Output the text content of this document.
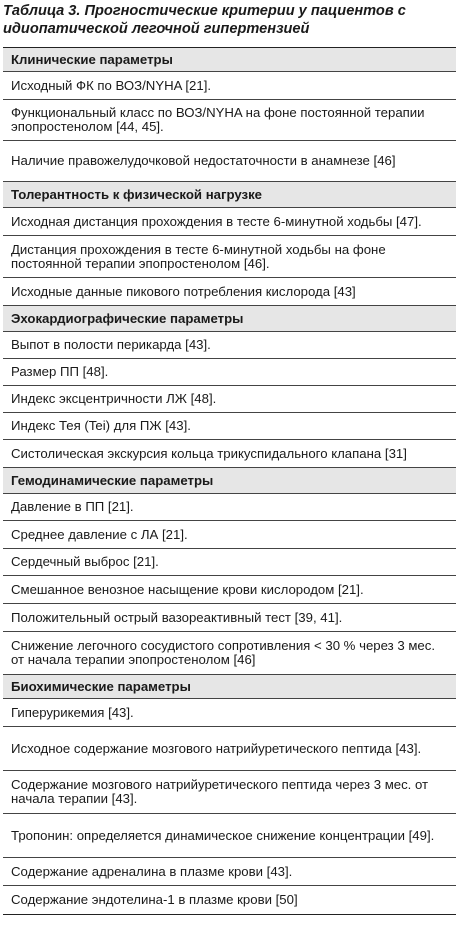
Таблица 3. Прогностические критерии у пациентов с идиопатической легочной гипертензией
Клинические параметры
Исходный ФК по ВОЗ/NYHA [21].
Функциональный класс по ВОЗ/NYHA на фоне постоянной терапии эпопростенолом [44, 45].
Наличие правожелудочковой недостаточности в анамнезе [46]
Толерантность к физической нагрузке
Исходная дистанция прохождения в тесте 6-минутной ходьбы [47].
Дистанция прохождения в тесте 6-минутной ходьбы на фоне постоянной терапии эпопростенолом [46].
Исходные данные пикового потребления кислорода [43]
Эхокардиографические параметры
Выпот в полости перикарда [43].
Размер ПП [48].
Индекс эксцентричности ЛЖ [48].
Индекс Тея (Tei) для ПЖ [43].
Систолическая экскурсия кольца трикуспидального клапана [31]
Гемодинамические параметры
Давление в ПП [21].
Среднее давление с ЛА [21].
Сердечный выброс [21].
Смешанное венозное насыщение крови кислородом [21].
Положительный острый вазореактивный тест [39, 41].
Снижение легочного сосудистого сопротивления < 30 % через 3 мес. от начала терапии эпопростенолом [46]
Биохимические параметры
Гиперурикемия [43].
Исходное содержание мозгового натрийуретического пептида [43].
Содержание мозгового натрийуретического пептида через 3 мес. от начала терапии [43].
Тропонин: определяется динамическое снижение концентрации [49].
Содержание адреналина в плазме крови [43].
Содержание эндотелина-1 в плазме крови [50]
